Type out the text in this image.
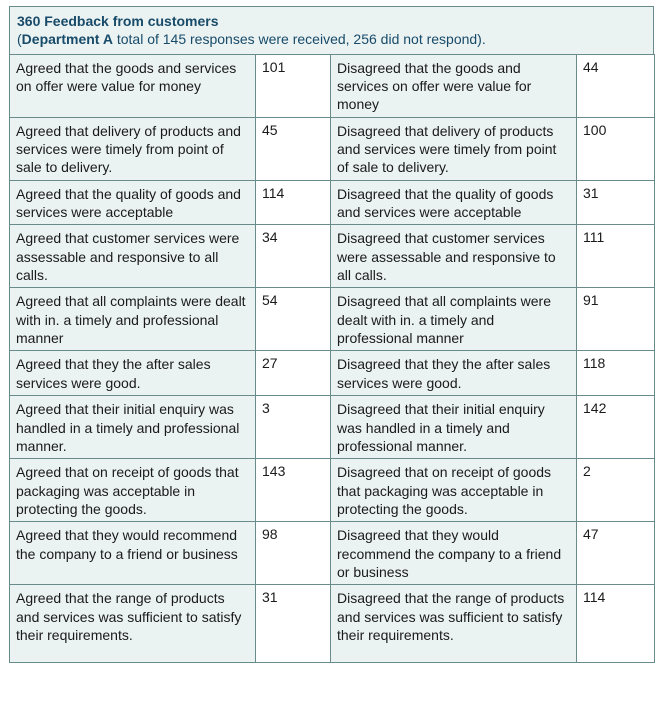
360 Feedback from customers
(Department A total of 145 responses were received, 256 did not respond).
Agreed that the goods and services on offer were value for money	101	Disagreed that the goods and services on offer were value for money	44
Agreed that delivery of products and services were timely from point of sale to delivery.	45	Disagreed that delivery of products and services were timely from point of sale to delivery.	100
Agreed that the quality of goods and services were acceptable	114	Disagreed that the quality of goods and services were acceptable	31
Agreed that customer services were assessable and responsive to all calls.	34	Disagreed that customer services were assessable and responsive to all calls.	111
Agreed that all complaints were dealt with in. a timely and professional manner	54	Disagreed that all complaints were dealt with in. a timely and professional manner	91
Agreed that they the after sales services were good.	27	Disagreed that they the after sales services were good.	118
Agreed that their initial enquiry was handled in a timely and professional manner.	3	Disagreed that their initial enquiry was handled in a timely and professional manner.	142
Agreed that on receipt of goods that packaging was acceptable in protecting the goods.	143	Disagreed that on receipt of goods that packaging was acceptable in protecting the goods.	2
Agreed that they would recommend the company to a friend or business	98	Disagreed that they would recommend the company to a friend or business	47
Agreed that the range of products and services was sufficient to satisfy their requirements.	31	Disagreed that the range of products and services was sufficient to satisfy their requirements.	114
